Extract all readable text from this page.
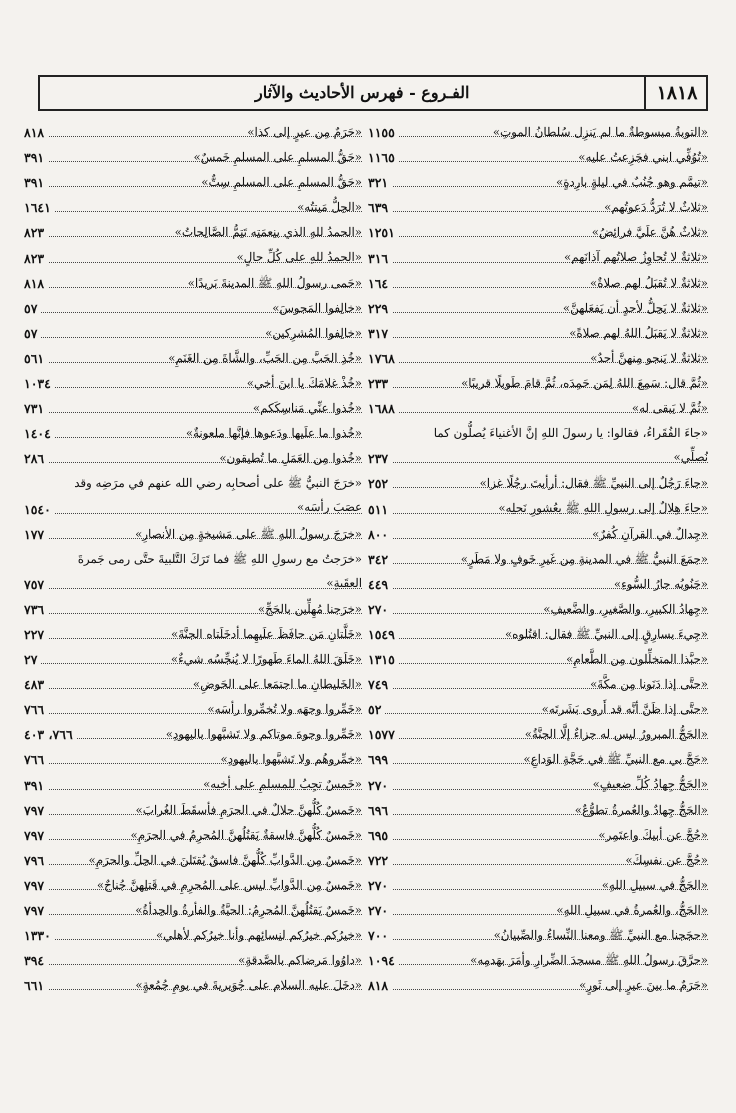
١٨١٨
الفـروع - فهرس الأحاديث والآثار
«التوبةُ مبسوطةٌ ما لم يَنزِل سُلطانُ الموتِ»
١١٥٥
«تُوُفِّي ابني فجَزِعتُ عليه»
١١٦٥
«تيمَّم وهو جُنُبٌ في ليلةٍ بارِدةٍ»
٣٢١
«ثلاثٌ لا تُرَدُّ دَعوتُهم»
٦٣٩
«ثلاثٌ هُنَّ علَيَّ فرائِضُ»
١٢٥١
«ثلاثةٌ لا تُجاوِزُ صلاتُهم آذانَهم»
٣١٦
«ثلاثةٌ لا تُقبَلُ لهم صلاةٌ»
١٦٤
«ثلاثةٌ لا يَحِلُّ لأحدٍ أن يَفعَلهنَّ»
٢٢٩
«ثلاثةٌ لا يَقبَلُ اللهُ لهم صلاةً»
٣١٧
«ثلاثةٌ لا يَنجو مِنهنَّ أحدٌ»
١٧٦٨
«ثُمَّ قال: سَمِعَ اللهُ لِمَن حَمِدَه، ثُمَّ قامَ طَويلًا قريبًا»
٢٣٣
«ثُمَّ لا يَبقى له»
١٦٨٨
«جاءَ الفُقَراءُ، فقالوا: يا رسولَ اللهِ إنَّ الأغنياءَ يُصلُّون كما نُصلِّي»
٢٣٧
«جاءَ رَجُلٌ إلى النبيِّ ﷺ فقال: أرأيتَ رجُلًا غزا»
٢٥٢
«جاءَ هِلالٌ إلى رسولِ اللهِ ﷺ بعُشورِ نَحلِه»
٥١١
«جِدالٌ في القرآنِ كُفرٌ»
٨٠٠
«جمَعَ النبيُّ ﷺ في المدينةِ مِن غَيرِ خَوفٍ ولا مَطَرٍ»
٣٤٢
«جَنُوبُه جارُ السُّوءِ»
٤٤٩
«جِهادُ الكبيرِ، والصَّغيرِ، والضَّعيفِ»
٢٧٠
«جِيءَ بسارِقٍ إلى النبيِّ ﷺ فقال: اقتُلوه»
١٥٤٩
«حبَّذا المتخلِّلون مِن الطَّعامِ»
١٣١٥
«حتَّى إذا دَنَونا مِن مكَّةَ»
٧٤٩
«حتَّى إذا ظَنَّ أنَّه قد أَروى بَشَرتَه»
٥٢
«الحَجُّ المبرورُ ليس له جزاءٌ إلَّا الجنَّةُ»
١٥٧٧
«حَجَّ بي مع النبيِّ ﷺ في حَجَّةِ الوَداعِ»
٦٩٩
«الحَجُّ جِهادُ كُلِّ ضعيفٍ»
٢٧٠
«الحَجُّ جِهادٌ والعُمرةُ تطوُّعٌ»
٦٩٦
«حُجَّ عن أبيكَ واعتَمِر»
٦٩٥
«حُجَّ عن نفسِكَ»
٧٢٢
«الحَجُّ في سبيلِ اللهِ»
٢٧٠
«الحَجُّ، والعُمرةُ في سبيلِ اللهِ»
٢٧٠
«حجَجنا مع النبيِّ ﷺ ومعنا النِّساءُ والصِّبيانُ»
٧٠٠
«حرَّقَ رسولُ اللهِ ﷺ مسجدَ الضِّرارِ وأمَرَ بهَدمِه»
١٠٩٤
«حَرَمٌ ما بينَ عيرٍ إلى ثَورٍ»
٨١٨
«حَرَمٌ مِن عيرٍ إلى كذا»
٨١٨
«حَقُّ المسلمِ على المسلمِ خَمسٌ»
٣٩١
«حَقُّ المسلمِ على المسلمِ سِتٌّ»
٣٩١
«الحِلُّ مَيتتُه»
١٦٤١
«الحمدُ للهِ الذي بنِعمَتِه تَتِمُّ الصَّالِحاتُ»
٨٢٣
«الحمدُ للهِ على كُلِّ حالٍ»
٨٢٣
«حَمى رسولُ اللهِ ﷺ المدينةَ بَريدًا»
٨١٨
«خالِفوا المَجوسَ»
٥٧
«خالِفوا المُشرِكين»
٥٧
«خُذِ الحَبَّ مِن الحَبِّ، والشَّاةَ مِن الغَنَمِ»
٥٦١
«خُذْ غلامَكَ يا ابنَ أخي»
١٠٣٤
«خُذوا عنِّي مَناسِكَكم»
٧٣١
«خُذوا ما علَيها ودَعوها فإنَّها ملعونةٌ»
١٤٠٤
«خُذوا مِن العَمَلِ ما تُطيقون»
٢٨٦
«خرَجَ النبيُّ ﷺ على أصحابِه رضي الله عنهم في مرَضِه وقد عصَبَ رأسَه»
١٥٤٠
«خرَجَ رسولُ اللهِ ﷺ على مَشيخةٍ مِن الأنصارِ»
١٧٧
«خرَجتُ مع رسولِ اللهِ ﷺ فما تَرَكَ التَّلبيةَ حتَّى رمى جَمرةَ العقَبةِ»
٧٥٧
«خرَجنا مُهِلِّين بالحَجِّ»
٧٣٦
«خَلَّتانِ مَن حافَظَ علَيهِما أدخَلَتاه الجنَّةَ»
٢٢٧
«خَلَقَ اللهُ الماءَ طَهورًا لا يُنجِّسُه شيءٌ»
٢٧
«الخَليطانِ ما اجتمَعا على الحَوضِ»
٤٨٣
«خَمِّروا وجهَه ولا تُخمِّروا رأسَه»
٧٦٦
«خَمِّروا وجوهَ موتاكم ولا تَشبَّهوا باليهودِ»
٧٦٦، ٤٠٣
«خمِّروهُم ولا تَشبَّهوا باليهودِ»
٧٦٦
«خَمسٌ تجِبُ للمسلمِ على أخيه»
٣٩١
«خَمسٌ كُلُّهنَّ حلالٌ في الحرَمِ فأسقَطَ الغُرابَ»
٧٩٧
«خَمسٌ كُلُّهنَّ فاسقةٌ يَقتُلُهنَّ المُحرِمُ في الحرَمِ»
٧٩٧
«خَمسٌ مِن الدَّوابِّ كُلُّهنَّ فاسقٌ يُقتَلنَ في الحِلِّ والحرَمِ»
٧٩٦
«خَمسٌ مِن الدَّوابِّ ليس على المُحرِمِ في قَتلِهنَّ جُناحٌ»
٧٩٧
«خَمسٌ يَقتُلُهنَّ المُحرِمُ: الحيَّةُ والفأرةُ والحِدأةُ»
٧٩٧
«خيرُكم خيرُكم لنِسائِهم وأنا خيرُكم لأهلي»
١٣٣٠
«داوُوا مَرضاكم بالصَّدقةِ»
٣٩٤
«دخَلَ عليه السلام على جُوَيريةَ في يومِ جُمُعةٍ»
٦٦١
